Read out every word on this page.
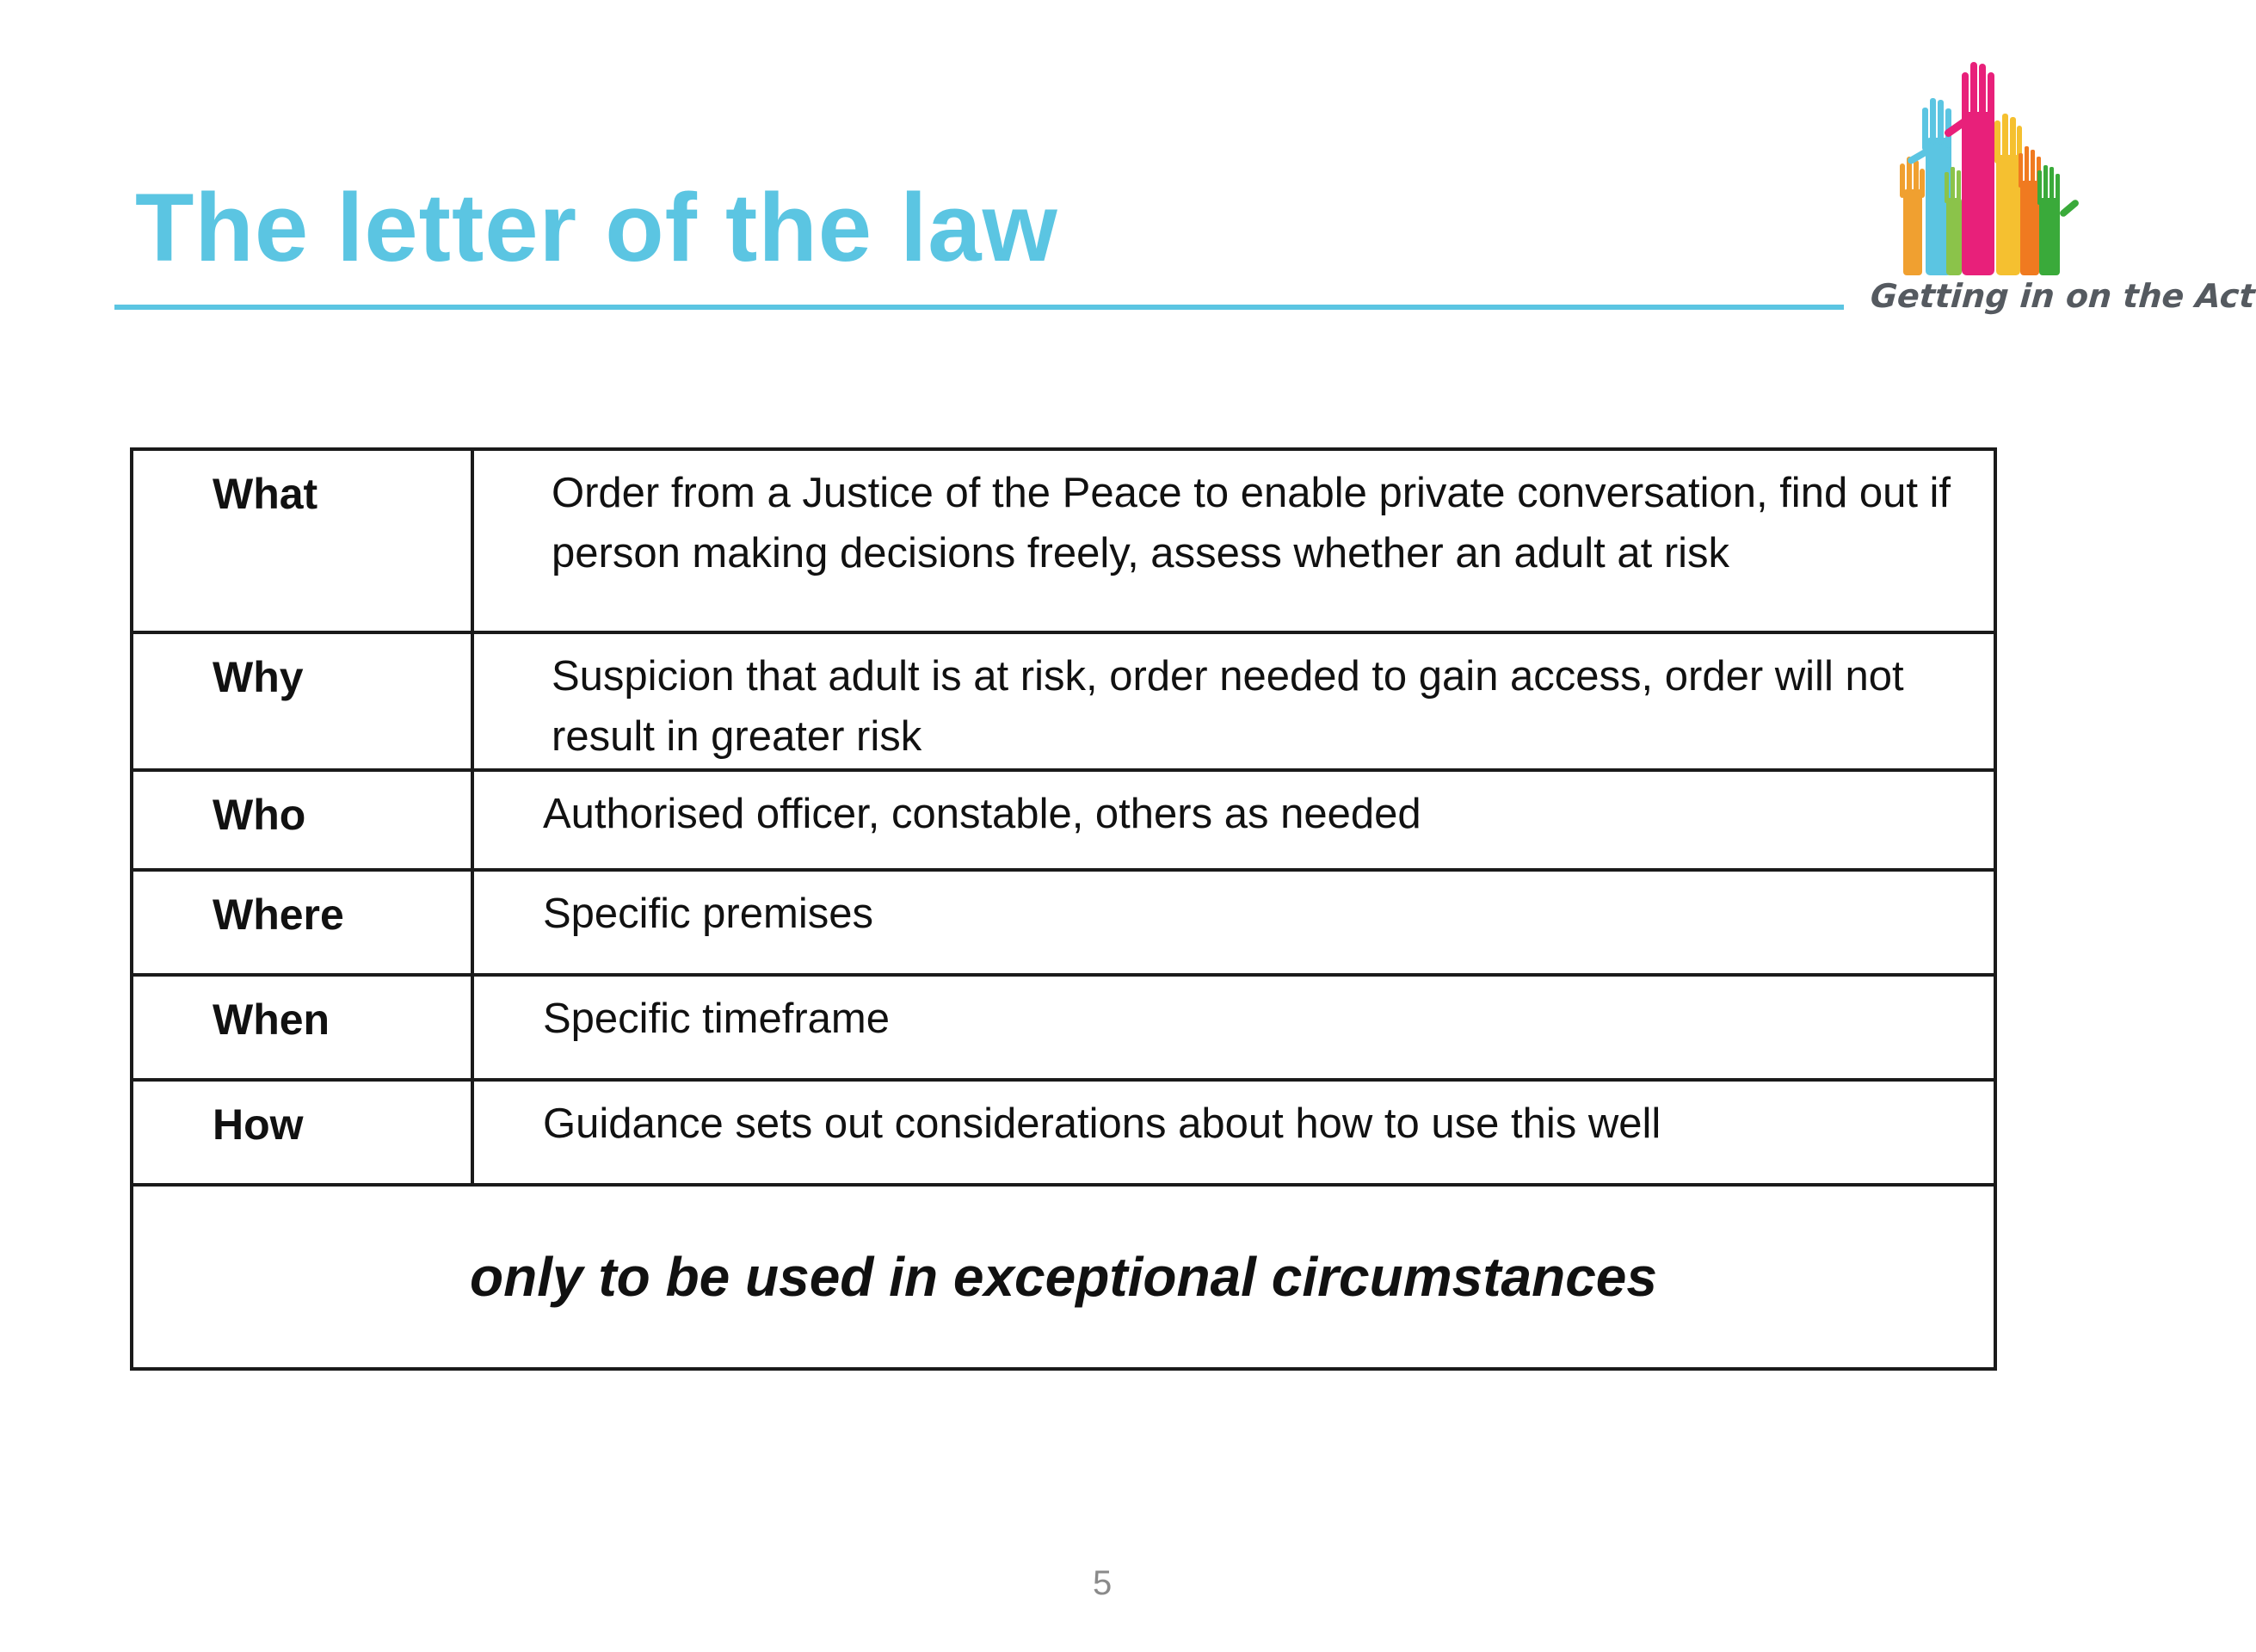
The letter of the law
Getting in on the Act
What	Order from a Justice of the Peace to enable private conversation, find out if person making decisions freely, assess whether an adult at risk
Why	Suspicion that adult is at risk, order needed to gain access, order will not result in greater risk
Who	Authorised officer, constable, others as needed
Where	Specific premises
When	Specific timeframe
How	Guidance sets out considerations about how to use this well
only to be used in exceptional circumstances	
5
